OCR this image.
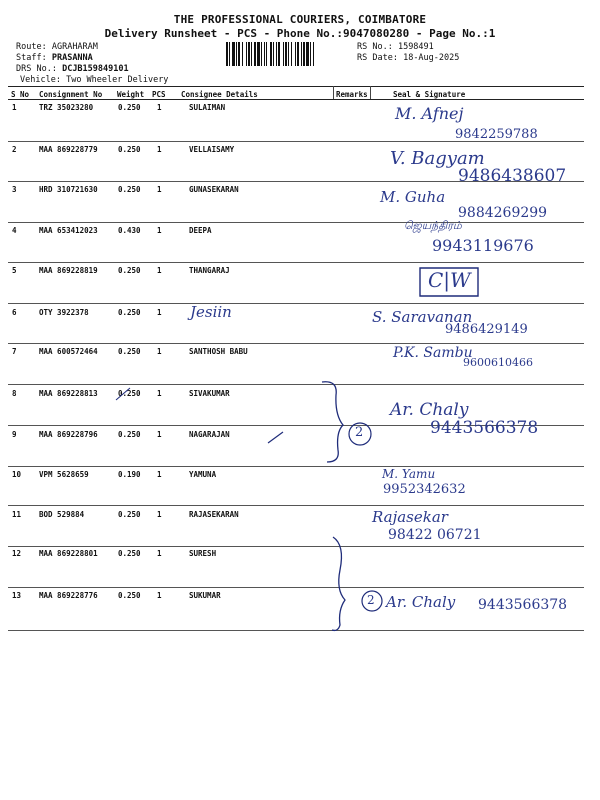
THE PROFESSIONAL COURIERS, COIMBATORE
Delivery Runsheet - PCS - Phone No.:9047080280 - Page No.:1
Route: AGRAHARAM
Staff: PRASANNA
DRS No.: DCJB159849101
Vehicle: Two Wheeler Delivery
RS No.: 1598491
RS Date: 18-Aug-2025
S No Consignment No Weight PCS Consignee Details	Remarks	Seal & Signature
1	TRZ 35023280	0.250 1	SULAIMAN	M. Afnej
9842259788
2	MAA 869228779	0.250 1	VELLAISAMY	V. Bagyam
9486438607
3	HRD 310721630	0.250 1	GUNASEKARAN	M. Guha
9884269299
4	MAA 653412023	0.430 1	DEEPA	ஜெயந்திரம்
9943119676
5	MAA 869228819	0.250 1	THANGARAJ	C|W
6	OTY 3922378	0.250 1 Jesiin	S. Saravanan
9486429149
7	MAA 600572464	0.250 1	SANTHOSH BABU	P.K. Sambu
9600610466
8	MAA 869228813	0.250 1	SIVAKUMAR
9	MAA 869228796	0.250 1	NAGARAJAN
Ar. Chaly
9443566378
10 VPM 5628659	0.190 1	YAMUNA	M. Yamu
9952342632
11 BOD 529884	0.250 1	RAJASEKARAN	Rajasekar
98422 06721
12 MAA 869228801	0.250 1	SURESH
13 MAA 869228776	0.250 1	SUKUMAR	Ar. Chaly 9443566378
2
2
